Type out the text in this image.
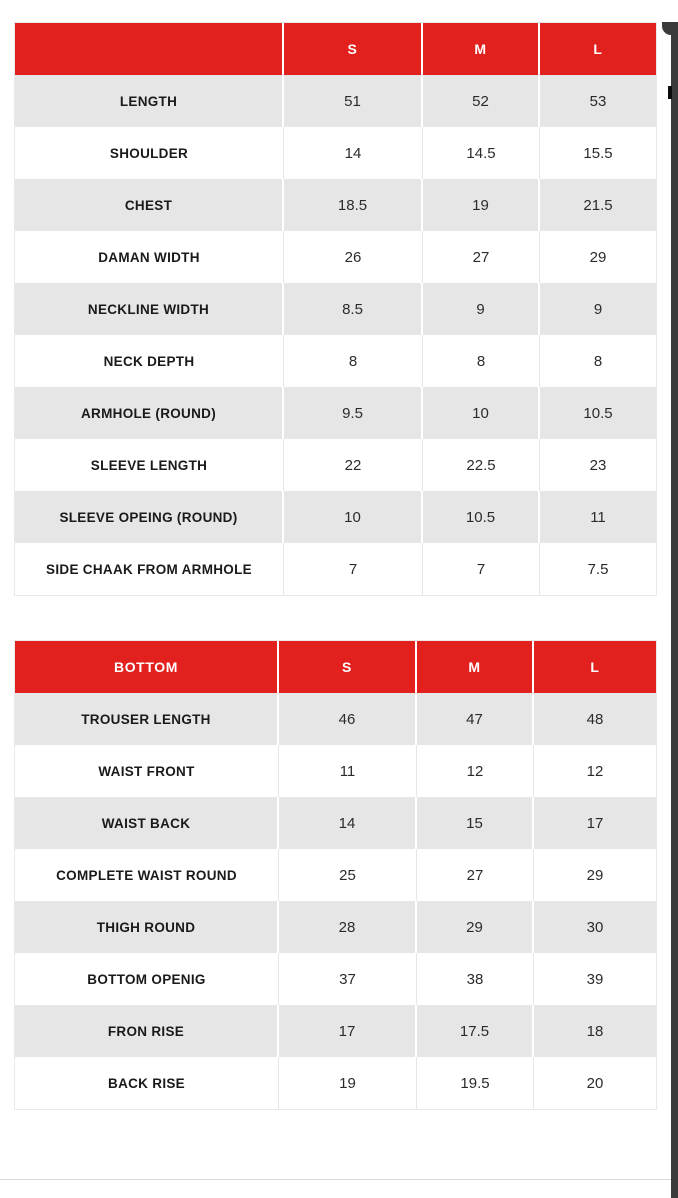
	S	M	L
LENGTH	51	52	53
SHOULDER	14	14.5	15.5
CHEST	18.5	19	21.5
DAMAN WIDTH	26	27	29
NECKLINE WIDTH	8.5	9	9
NECK DEPTH	8	8	8
ARMHOLE (ROUND)	9.5	10	10.5
SLEEVE LENGTH	22	22.5	23
SLEEVE OPEING (ROUND)	10	10.5	11
SIDE CHAAK FROM ARMHOLE	7	7	7.5
BOTTOM	S	M	L
TROUSER LENGTH	46	47	48
WAIST FRONT	11	12	12
WAIST BACK	14	15	17
COMPLETE WAIST ROUND	25	27	29
THIGH ROUND	28	29	30
BOTTOM OPENIG	37	38	39
FRON RISE	17	17.5	18
BACK RISE	19	19.5	20
